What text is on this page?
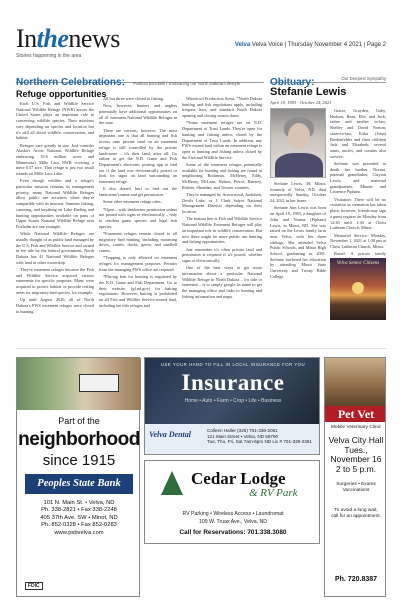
Inthenews
Stories happening in the area
Velva Velva Voice | Thursday November 4 2021 | Page 2
Northern Celebrations: Patricia Brockelli / Embracing our North Dakota Lifestyle	Obituary:	Our Deepest Sympathy
Refuge opportunities

Each U.S. Fish and Wildlife Service National Wildlife Refuge (NWR) across the United States plays an important role in conserving wildlife species. Their missions vary depending on species and location but it's still all about wildlife, conservation, and habitat.

Refuges vary greatly in size. Just consider Alaska's Arctic National Wildlife Refuge embracing 19.6 million acres and Minnesota's Mille Lacs NWR covering a mere 0.57 acre. That refuge is just two small islands on Mille Lacs Lake.

Even though wildlife and a refuge's particular mission remains its management priority, many National Wildlife Refuges allow public use activities when they're compatible with its mission. Summer fishing, canoeing, and kayaking on Lake Darling and hunting opportunities available on parts of Upper Souris National Wildlife Refuge near Foxholm are one example.

While National Wildlife Refuges are usually thought of as public land managed by the U.S. Fish and Wildlife Service and owned in fee title by the federal government, North Dakota has 41 National Wildlife Refuges with land in other ownership.

They're easement refuges because the Fish and Wildlife Service acquired various easements for specific purposes. Many were acquired to protect habitat or provide resting areas for migratory bird species, for example.

Up until August 2020, all of North Dakota's FWS easement refuges were closed to hunting.

All but three were closed to fishing.

Now, however, hunters and anglers potentially have additional opportunities on all 41 easement National Wildlife Refuges in the state.

There are caveats, however. The most important one is that all hunting and fish access onto private land on an easement refuge is still controlled by the private landowner – it's their land, after all. Go online to get the N.D. Game and Fish Department's electronic posting app to find out if the land was electronically posted or look for signs on land surrounding an easement refuge.

It also doesn't hurt to find out the landowner's name and get permission.

Some other easement refuge rules:

*Open – with landowner permission unless not posted with signs or electronically – only to resident game species and legal fish species.

*Easement refuges remain closed to all migratory bird hunting, including mourning doves, cranes, ducks, geese, and sandhill cranes.

*Trapping is only allowed on easement refuges for management purposes. Permits from the managing FWS office are required.

*Placing bait for hunting is regulated by the N.D. Game and Fish Department. Go to their website. (gf.nd.gov) for baiting regulations. However, baiting is prohibited on all Fish and Wildlife Service-owned land, including fee title refuges and

Waterfowl Production Areas. *North Dakota hunting and fish regulations apply, including trespass laws, and standard North Dakota opening and closing season dates.

*Some easement refuges are on N.D. Department of Trust Lands. They're open for hunting and fishing unless closed by the Department of Trust Lands. In addition, any FWS-owned land within an easement refuge is open to hunting and fishing unless closed by the Fish and Wildlife Service.

Some of the easement refuges potentially available for hunting and fishing are found in neighboring Bottineau, McHenry, Eddy, McHenry, McLean, Nelson, Pierce, Ramsey, Rolette, Sheridan, and Towner counties.

They're managed by Arrowwood, Audubon, Devils Lake, or J. Clark Salyer National Management Districts depending on their location.

The bottom line is Fish and Wildlife Service National Wildlife Easement Refuges still play an important role in wildlife conservation. But now there might be more public use hunting and fishing opportunities.

Just remember it's often private land and permission is required if it's posted, whether signs or electronically.

One of the best ways to get more information about a particular National Wildlife Refuge in North Dakota – for title or easement – is to simply google its name to get the managing office and links to hunting and fishing information and maps.

Stefanie Lewis
April 18, 1983 - October 24, 2021

Stefanie Lewis, 38, Minot, formerly of Velva, ND, died unexpectedly Sunday, October 24, 2021 in her home.

Stefanie Ann Lewis was born on April 18, 1983, a daughter of John and Norma (Pipham) Lewis, in Minot, ND. She was raised on the Lewis family farm near Velva, with her three siblings. She attended Velva Public Schools, and Minot High School, graduating in 2001. Stefanie furthered her education by attending Minot State University and Trinity Bible College.

Gracie, Grayden, Gaby, Hudson, Beau, Elle, and Jack; father and mother in-law, Shelley and David Norton; sister-in-law, Erika (John) Bredenfelder and their children Jack and Elizabeth; several aunts, uncles, and cousins also survive.

Stefanie was preceded in death her brother Norma, paternal grandfather, Clayton Lewis, and maternal grandparents, Minnie and Laurence Pipham.

Visitation: There will be no visitation as cremation has taken place, however, friends may sign a guest register on Monday from 12:30 until 1:30 at Christ Lutheran Church, Minot.

Memorial Service: Monday, November 1, 2021 at 1:30 pm at Christ Lutheran Church, Minot.

Burial: A private family

Velva Senior Citizens
Part of the
neighborhood
since 1915
Peoples State Bank
101 N. Main St. • Velva, ND
Ph. 338-2821 • Fax 338-2248
405 37th Ave. SW • Minot, ND
Ph. 852-0328 • Fax 852-0283
www.psbvelva.com
FDIC
USE YOUR HAND TO FILL IN LOCAL INSURANCE FOR YOU
Insurance
Home • Auto • Farm • Crop • Life • Business
Velva Dental	Colleen Haller (325) 701-336-2061
121 Main Street • Velva, ND 58790
Tue, Thu, Fri, Sat 7am-5pm ND Lic # 701-338-2361
Cedar Lodge
& RV Park
RV Parking • Wireless Access • Laundromat
109 W. Truax Ave., Velva, ND
Call for Reservations: 701.338.3080
Pet Vet
Mobile Veterinary Clinic
Velva City Hall
Tues., November 16
2 to 5 p.m.
Surgeries • Exams
Vaccinations
To avoid a long wait,
call for an appointment.
Ph. 720.8387
